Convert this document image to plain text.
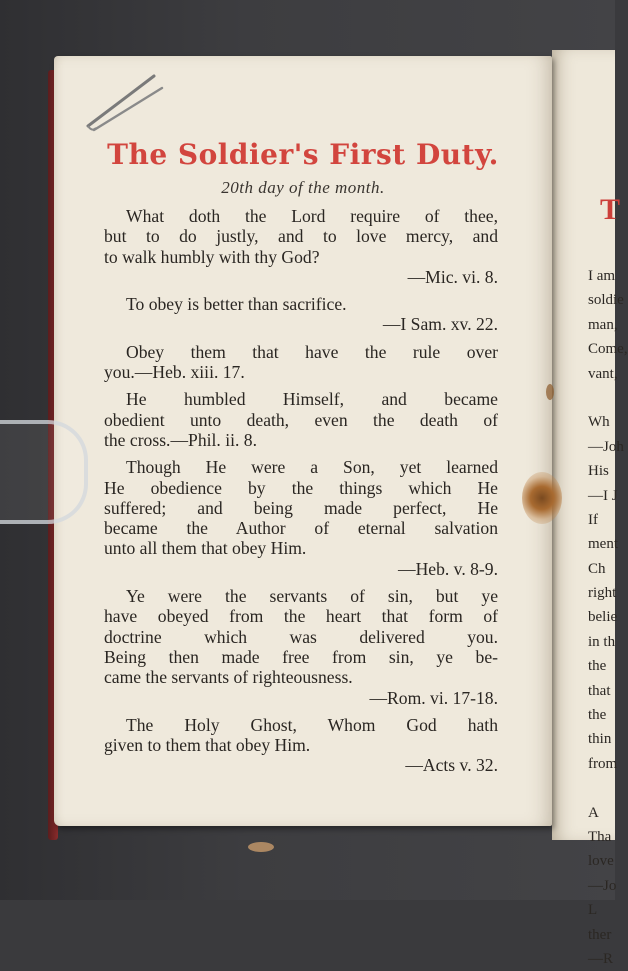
T
I am
soldie
man,
Come,
vant,
Wh
—Joh
His
—I J
If
ment
Ch
right
belie
in th
the
that
the
thin
from
A
Tha
love
—Jo
L
ther
—R
The Soldier's First Duty.
20th day of the month.
What doth the Lord require of thee,
but to do justly, and to love mercy, and
to walk humbly with thy God?
—Mic. vi. 8.
To obey is better than sacrifice.
—I Sam. xv. 22.
Obey them that have the rule over
you.—Heb. xiii. 17.
He humbled Himself, and became
obedient unto death, even the death of
the cross.—Phil. ii. 8.
Though He were a Son, yet learned
He obedience by the things which He
suffered; and being made perfect, He
became the Author of eternal salvation
unto all them that obey Him.
—Heb. v. 8-9.
Ye were the servants of sin, but ye
have obeyed from the heart that form of
doctrine which was delivered you.
Being then made free from sin, ye be-
came the servants of righteousness.
—Rom. vi. 17-18.
The Holy Ghost, Whom God hath
given to them that obey Him.
—Acts v. 32.
